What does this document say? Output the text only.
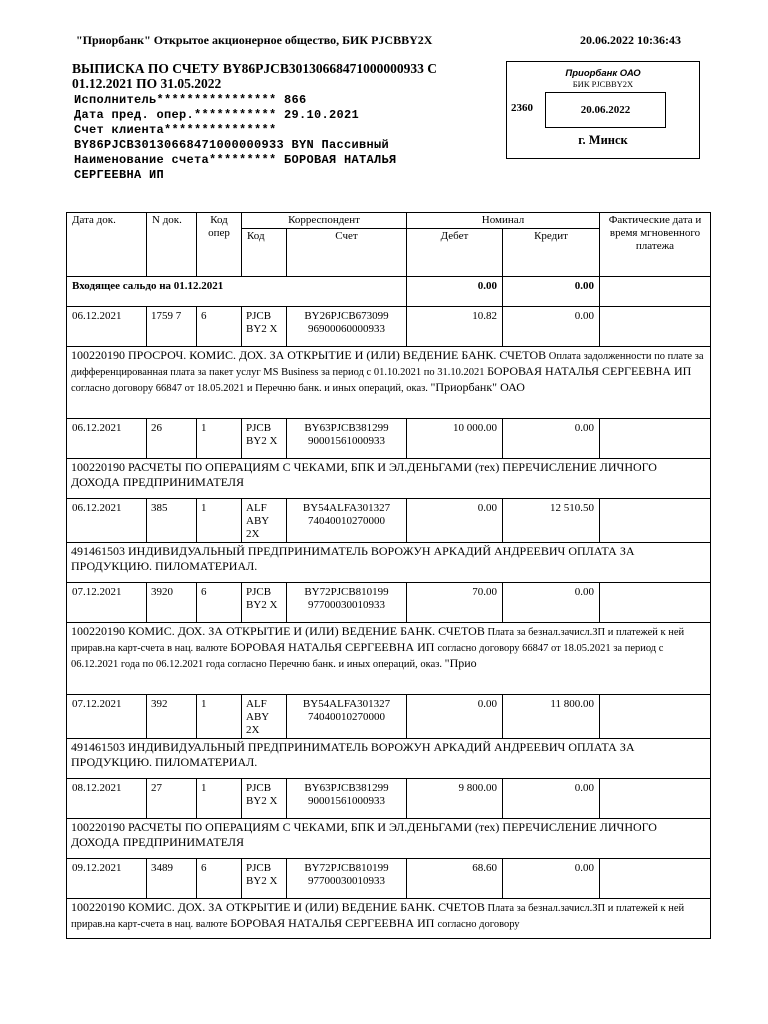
"Приорбанк" Открытое акционерное общество, БИК PJCBBY2X	20.06.2022 10:36:43
ВЫПИСКА ПО СЧЕТУ BY86PJCB30130668471000000933 С 01.12.2021 ПО 31.05.2022
Исполнитель**************** 866
Дата пред. опер.*********** 29.10.2021
Счет клиента***************
BY86PJCB30130668471000000933 BYN Пассивный
Наименование счета********* БОРОВАЯ НАТАЛЬЯ
СЕРГЕЕВНА ИП
Приорбанк ОАО
БИК PJCBBY2X
2360	20.06.2022
г. Минск
Дата док.	N док.	Код опер	Корреспондент		Номинал		Фактические дата и время мгновенного платежа
			Код	Счет	Дебет	Кредит	
Входящее сальдо на 01.12.2021					0.00	0.00	
06.12.2021	1759 7	6	PJCB BY2 X	BY26PJCB673099 96900060000933	10.82	0.00	
100220190 ПРОСРОЧ. КОМИС. ДОХ. ЗА ОТКРЫТИЕ И (ИЛИ) ВЕДЕНИЕ БАНК. СЧЕТОВ Оплата задолженности по плате за дифференцированная плата за пакет услуг MS Business за период с 01.10.2021 по 31.10.2021 БОРОВАЯ НАТАЛЬЯ СЕРГЕЕВНА ИП согласно договору 66847 от 18.05.2021 и Перечню банк. и иных операций, оказ. "Приорбанк" ОАО							
06.12.2021	26	1	PJCB BY2 X	BY63PJCB381299 90001561000933	10 000.00	0.00	
100220190 РАСЧЕТЫ ПО ОПЕРАЦИЯМ С ЧЕКАМИ, БПК И ЭЛ.ДЕНЬГАМИ (тех) ПЕРЕЧИСЛЕНИЕ ЛИЧНОГО ДОХОДА ПРЕДПРИНИМАТЕЛЯ							
06.12.2021	385	1	ALF ABY 2X	BY54ALFA301327 74040010270000	0.00	12 510.50	
491461503 ИНДИВИДУАЛЬНЫЙ ПРЕДПРИНИМАТЕЛЬ ВОРОЖУН АРКАДИЙ АНДРЕЕВИЧ ОПЛАТА ЗА ПРОДУКЦИЮ. ПИЛОМАТЕРИАЛ.							
07.12.2021	3920	6	PJCB BY2 X	BY72PJCB810199 97700030010933	70.00	0.00	
100220190 КОМИС. ДОХ. ЗА ОТКРЫТИЕ И (ИЛИ) ВЕДЕНИЕ БАНК. СЧЕТОВ Плата за безнал.зачисл.ЗП и платежей к ней прирав.на карт-счета в нац. валюте БОРОВАЯ НАТАЛЬЯ СЕРГЕЕВНА ИП согласно договору 66847 от 18.05.2021 за период с 06.12.2021 года по 06.12.2021 года согласно Перечню банк. и иных операций, оказ. "Прио							
07.12.2021	392	1	ALF ABY 2X	BY54ALFA301327 74040010270000	0.00	11 800.00	
491461503 ИНДИВИДУАЛЬНЫЙ ПРЕДПРИНИМАТЕЛЬ ВОРОЖУН АРКАДИЙ АНДРЕЕВИЧ ОПЛАТА ЗА ПРОДУКЦИЮ. ПИЛОМАТЕРИАЛ.							
08.12.2021	27	1	PJCB BY2 X	BY63PJCB381299 90001561000933	9 800.00	0.00	
100220190 РАСЧЕТЫ ПО ОПЕРАЦИЯМ С ЧЕКАМИ, БПК И ЭЛ.ДЕНЬГАМИ (тех) ПЕРЕЧИСЛЕНИЕ ЛИЧНОГО ДОХОДА ПРЕДПРИНИМАТЕЛЯ							
09.12.2021	3489	6	PJCB BY2 X	BY72PJCB810199 97700030010933	68.60	0.00	
100220190 КОМИС. ДОХ. ЗА ОТКРЫТИЕ И (ИЛИ) ВЕДЕНИЕ БАНК. СЧЕТОВ Плата за безнал.зачисл.ЗП и платежей к ней прирав.на карт-счета в нац. валюте БОРОВАЯ НАТАЛЬЯ СЕРГЕЕВНА ИП согласно договору							
